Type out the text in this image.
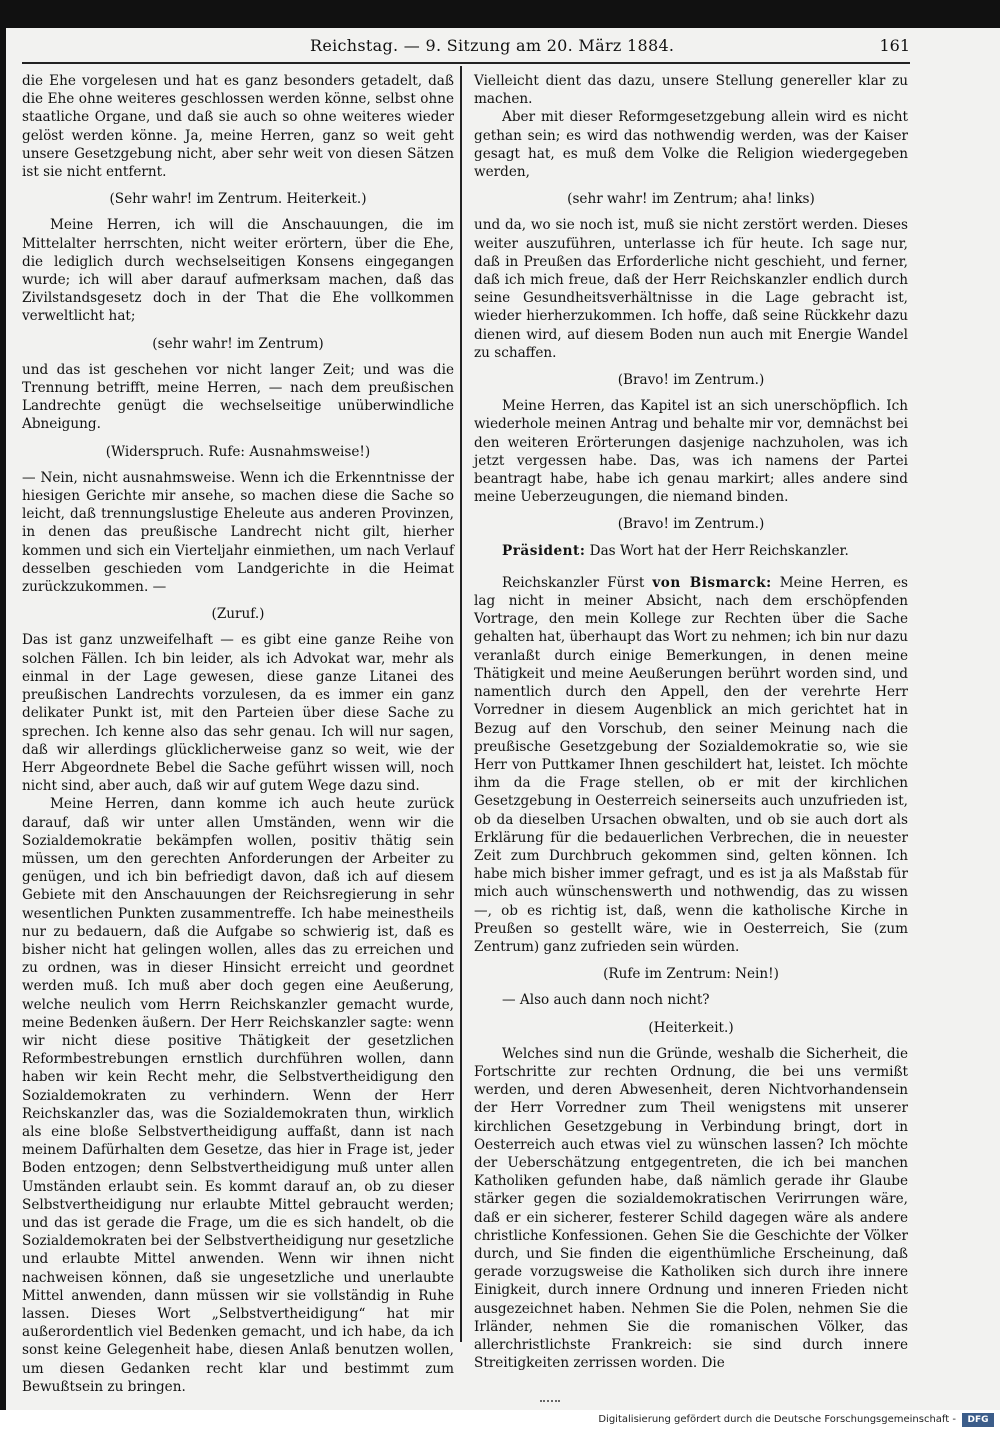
Reichstag. — 9. Sitzung am 20. März 1884.	161

die Ehe vorgelesen und hat es ganz besonders getadelt, daß die Ehe ohne weiteres geschlossen werden könne, selbst ohne staatliche Organe, und daß sie auch so ohne weiteres wieder gelöst werden könne. Ja, meine Herren, ganz so weit geht unsere Gesetzgebung nicht, aber sehr weit von diesen Sätzen ist sie nicht entfernt.

(Sehr wahr! im Zentrum. Heiterkeit.)

Meine Herren, ich will die Anschauungen, die im Mittelalter herrschten, nicht weiter erörtern, über die Ehe, die lediglich durch wechselseitigen Konsens eingegangen wurde; ich will aber darauf aufmerksam machen, daß das Zivilstandsgesetz doch in der That die Ehe vollkommen verweltlicht hat;

(sehr wahr! im Zentrum)

und das ist geschehen vor nicht langer Zeit; und was die Trennung betrifft, meine Herren, — nach dem preußischen Landrechte genügt die wechselseitige unüberwindliche Abneigung.

(Widerspruch. Rufe: Ausnahmsweise!)

— Nein, nicht ausnahmsweise. Wenn ich die Erkenntnisse der hiesigen Gerichte mir ansehe, so machen diese die Sache so leicht, daß trennungslustige Eheleute aus anderen Provinzen, in denen das preußische Landrecht nicht gilt, hierher kommen und sich ein Vierteljahr einmiethen, um nach Verlauf desselben geschieden vom Landgerichte in die Heimat zurückzukommen. —

(Zuruf.)

Das ist ganz unzweifelhaft — es gibt eine ganze Reihe von solchen Fällen. Ich bin leider, als ich Advokat war, mehr als einmal in der Lage gewesen, diese ganze Litanei des preußischen Landrechts vorzulesen, da es immer ein ganz delikater Punkt ist, mit den Parteien über diese Sache zu sprechen. Ich kenne also das sehr genau. Ich will nur sagen, daß wir allerdings glücklicherweise ganz so weit, wie der Herr Abgeordnete Bebel die Sache geführt wissen will, noch nicht sind, aber auch, daß wir auf gutem Wege dazu sind.

Meine Herren, dann komme ich auch heute zurück darauf, daß wir unter allen Umständen, wenn wir die Sozialdemokratie bekämpfen wollen, positiv thätig sein müssen, um den gerechten Anforderungen der Arbeiter zu genügen, und ich bin befriedigt davon, daß ich auf diesem Gebiete mit den Anschauungen der Reichsregierung in sehr wesentlichen Punkten zusammentreffe. Ich habe meinestheils nur zu bedauern, daß die Aufgabe so schwierig ist, daß es bisher nicht hat gelingen wollen, alles das zu erreichen und zu ordnen, was in dieser Hinsicht erreicht und geordnet werden muß. Ich muß aber doch gegen eine Aeußerung, welche neulich vom Herrn Reichskanzler gemacht wurde, meine Bedenken äußern. Der Herr Reichskanzler sagte: wenn wir nicht diese positive Thätigkeit der gesetzlichen Reformbestrebungen ernstlich durchführen wollen, dann haben wir kein Recht mehr, die Selbstvertheidigung den Sozialdemokraten zu verhindern. Wenn der Herr Reichskanzler das, was die Sozialdemokraten thun, wirklich als eine bloße Selbstvertheidigung auffaßt, dann ist nach meinem Dafürhalten dem Gesetze, das hier in Frage ist, jeder Boden entzogen; denn Selbstvertheidigung muß unter allen Umständen erlaubt sein. Es kommt darauf an, ob zu dieser Selbstvertheidigung nur erlaubte Mittel gebraucht werden; und das ist gerade die Frage, um die es sich handelt, ob die Sozialdemokraten bei der Selbstvertheidigung nur gesetzliche und erlaubte Mittel anwenden. Wenn wir ihnen nicht nachweisen können, daß sie ungesetzliche und unerlaubte Mittel anwenden, dann müssen wir sie vollständig in Ruhe lassen. Dieses Wort „Selbstvertheidigung“ hat mir außerordentlich viel Bedenken gemacht, und ich habe, da ich sonst keine Gelegenheit habe, diesen Anlaß benutzen wollen, um diesen Gedanken recht klar und bestimmt zum Bewußtsein zu bringen.

Vielleicht dient das dazu, unsere Stellung genereller klar zu machen.

Aber mit dieser Reformgesetzgebung allein wird es nicht gethan sein; es wird das nothwendig werden, was der Kaiser gesagt hat, es muß dem Volke die Religion wiedergegeben werden,

(sehr wahr! im Zentrum; aha! links)

und da, wo sie noch ist, muß sie nicht zerstört werden. Dieses weiter auszuführen, unterlasse ich für heute. Ich sage nur, daß in Preußen das Erforderliche nicht geschieht, und ferner, daß ich mich freue, daß der Herr Reichskanzler endlich durch seine Gesundheitsverhältnisse in die Lage gebracht ist, wieder hierherzukommen. Ich hoffe, daß seine Rückkehr dazu dienen wird, auf diesem Boden nun auch mit Energie Wandel zu schaffen.

(Bravo! im Zentrum.)

Meine Herren, das Kapitel ist an sich unerschöpflich. Ich wiederhole meinen Antrag und behalte mir vor, demnächst bei den weiteren Erörterungen dasjenige nachzuholen, was ich jetzt vergessen habe. Das, was ich namens der Partei beantragt habe, habe ich genau markirt; alles andere sind meine Ueberzeugungen, die niemand binden.

(Bravo! im Zentrum.)

Präsident: Das Wort hat der Herr Reichskanzler.

Reichskanzler Fürst von Bismarck: Meine Herren, es lag nicht in meiner Absicht, nach dem erschöpfenden Vortrage, den mein Kollege zur Rechten über die Sache gehalten hat, überhaupt das Wort zu nehmen; ich bin nur dazu veranlaßt durch einige Bemerkungen, in denen meine Thätigkeit und meine Aeußerungen berührt worden sind, und namentlich durch den Appell, den der verehrte Herr Vorredner in diesem Augenblick an mich gerichtet hat in Bezug auf den Vorschub, den seiner Meinung nach die preußische Gesetzgebung der Sozialdemokratie so, wie sie Herr von Puttkamer Ihnen geschildert hat, leistet. Ich möchte ihm da die Frage stellen, ob er mit der kirchlichen Gesetzgebung in Oesterreich seinerseits auch unzufrieden ist, ob da dieselben Ursachen obwalten, und ob sie auch dort als Erklärung für die bedauerlichen Verbrechen, die in neuester Zeit zum Durchbruch gekommen sind, gelten können. Ich habe mich bisher immer gefragt, und es ist ja als Maßstab für mich auch wünschenswerth und nothwendig, das zu wissen —, ob es richtig ist, daß, wenn die katholische Kirche in Preußen so gestellt wäre, wie in Oesterreich, Sie (zum Zentrum) ganz zufrieden sein würden.

(Rufe im Zentrum: Nein!)

— Also auch dann noch nicht?

(Heiterkeit.)

Welches sind nun die Gründe, weshalb die Sicherheit, die Fortschritte zur rechten Ordnung, die bei uns vermißt werden, und deren Abwesenheit, deren Nichtvorhandensein der Herr Vorredner zum Theil wenigstens mit unserer kirchlichen Gesetzgebung in Verbindung bringt, dort in Oesterreich auch etwas viel zu wünschen lassen? Ich möchte der Ueberschätzung entgegentreten, die ich bei manchen Katholiken gefunden habe, daß nämlich gerade ihr Glaube stärker gegen die sozialdemokratischen Verirrungen wäre, daß er ein sicherer, festerer Schild dagegen wäre als andere christliche Konfessionen. Gehen Sie die Geschichte der Völker durch, und Sie finden die eigenthümliche Erscheinung, daß gerade vorzugsweise die Katholiken sich durch ihre innere Einigkeit, durch innere Ordnung und inneren Frieden nicht ausgezeichnet haben. Nehmen Sie die Polen, nehmen Sie die Irländer, nehmen Sie die romanischen Völker, das allerchristlichste Frankreich: sie sind durch innere Streitigkeiten zerrissen worden. Die

Digitalisierung gefördert durch die Deutsche Forschungsgemeinschaft -	DFG
